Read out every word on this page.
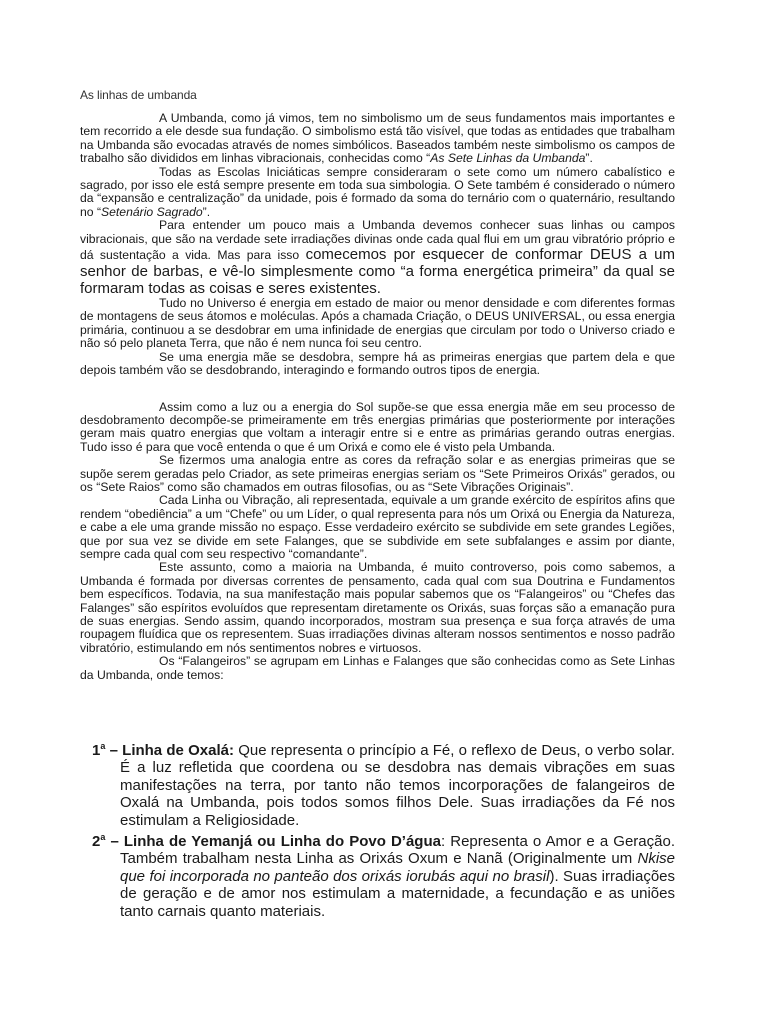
As linhas de umbanda

A Umbanda, como já vimos, tem no simbolismo um de seus fundamentos mais importantes e tem recorrido a ele desde sua fundação. O simbolismo está tão visível, que todas as entidades que trabalham na Umbanda são evocadas através de nomes simbólicos. Baseados também neste simbolismo os campos de trabalho são divididos em linhas vibracionais, conhecidas como “As Sete Linhas da Umbanda”.

Todas as Escolas Iniciáticas sempre consideraram o sete como um número cabalístico e sagrado, por isso ele está sempre presente em toda sua simbologia. O Sete também é considerado o número da “expansão e centralização” da unidade, pois é formado da soma do ternário com o quaternário, resultando no “Setenário Sagrado”.

Para entender um pouco mais a Umbanda devemos conhecer suas linhas ou campos vibracionais, que são na verdade sete irradiações divinas onde cada qual flui em um grau vibratório próprio e dá sustentação a vida. Mas para isso comecemos por esquecer de conformar DEUS a um senhor de barbas, e vê-lo simplesmente como “a forma energética primeira” da qual se formaram todas as coisas e seres existentes.

Tudo no Universo é energia em estado de maior ou menor densidade e com diferentes formas de montagens de seus átomos e moléculas. Após a chamada Criação, o DEUS UNIVERSAL, ou essa energia primária, continuou a se desdobrar em uma infinidade de energias que circulam por todo o Universo criado e não só pelo planeta Terra, que não é nem nunca foi seu centro.

Se uma energia mãe se desdobra, sempre há as primeiras energias que partem dela e que depois também vão se desdobrando, interagindo e formando outros tipos de energia.

Assim como a luz ou a energia do Sol supõe-se que essa energia mãe em seu processo de desdobramento decompõe-se primeiramente em três energias primárias que posteriormente por interações geram mais quatro energias que voltam a interagir entre si e entre as primárias gerando outras energias. Tudo isso é para que você entenda o que é um Orixá e como ele é visto pela Umbanda.

Se fizermos uma analogia entre as cores da refração solar e as energias primeiras que se supõe serem geradas pelo Criador, as sete primeiras energias seriam os “Sete Primeiros Orixás” gerados, ou os “Sete Raios” como são chamados em outras filosofias, ou as “Sete Vibrações Originais”.

Cada Linha ou Vibração, ali representada, equivale a um grande exército de espíritos afins que rendem “obediência” a um “Chefe” ou um Líder, o qual representa para nós um Orixá ou Energia da Natureza, e cabe a ele uma grande missão no espaço. Esse verdadeiro exército se subdivide em sete grandes Legiões, que por sua vez se divide em sete Falanges, que se subdivide em sete subfalanges e assim por diante, sempre cada qual com seu respectivo “comandante”.

Este assunto, como a maioria na Umbanda, é muito controverso, pois como sabemos, a Umbanda é formada por diversas correntes de pensamento, cada qual com sua Doutrina e Fundamentos bem específicos. Todavia, na sua manifestação mais popular sabemos que os “Falangeiros” ou “Chefes das Falanges” são espíritos evoluídos que representam diretamente os Orixás, suas forças são a emanação pura de suas energias. Sendo assim, quando incorporados, mostram sua presença e sua força através de uma roupagem fluídica que os representem. Suas irradiações divinas alteram nossos sentimentos e nosso padrão vibratório, estimulando em nós sentimentos nobres e virtuosos.

Os “Falangeiros” se agrupam em Linhas e Falanges que são conhecidas como as Sete Linhas da Umbanda, onde temos:

1$^a$ – Linha de Oxalá: Que representa o princípio a Fé, o reflexo de Deus, o verbo solar. É a luz refletida que coordena ou se desdobra nas demais vibrações em suas manifestações na terra, por tanto não temos incorporações de falangeiros de Oxalá na Umbanda, pois todos somos filhos Dele. Suas irradiações da Fé nos estimulam a Religiosidade.

2$^a$ – Linha de Yemanjá ou Linha do Povo D’água: Representa o Amor e a Geração. Também trabalham nesta Linha as Orixás Oxum e Nanã (Originalmente um Nkise que foi incorporada no panteão dos orixás iorubás aqui no brasil). Suas irradiações de geração e de amor nos estimulam a maternidade, a fecundação e as uniões tanto carnais quanto materiais.
